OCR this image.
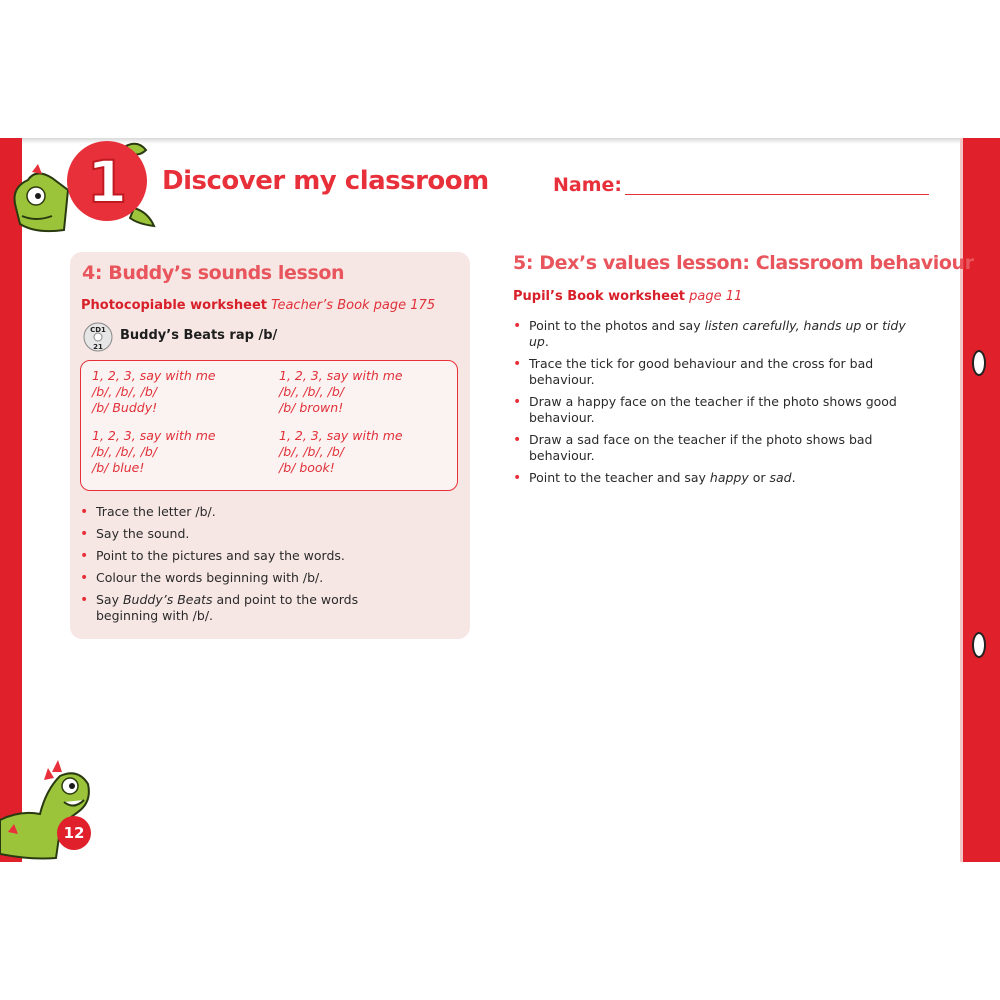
1 Discover my classroom	Name:
4: Buddy’s sounds lesson
Photocopiable worksheet Teacher’s Book page 175
CD1
21
Buddy’s Beats rap /b/
1, 2, 3, say with me
/b/, /b/, /b/
/b/ Buddy!
1, 2, 3, say with me
/b/, /b/, /b/
/b/ brown!
1, 2, 3, say with me
/b/, /b/, /b/
/b/ blue!
1, 2, 3, say with me
/b/, /b/, /b/
/b/ book!
• Trace the letter /b/.
• Say the sound.
• Point to the pictures and say the words.
• Colour the words beginning with /b/.
• Say Buddy’s Beats and point to the words beginning with /b/.
5: Dex’s values lesson: Classroom behaviour
Pupil’s Book worksheet page 11
• Point to the photos and say listen carefully, hands up or tidy up.
• Trace the tick for good behaviour and the cross for bad behaviour.
• Draw a happy face on the teacher if the photo shows good behaviour.
• Draw a sad face on the teacher if the photo shows bad behaviour.
• Point to the teacher and say happy or sad.
12
